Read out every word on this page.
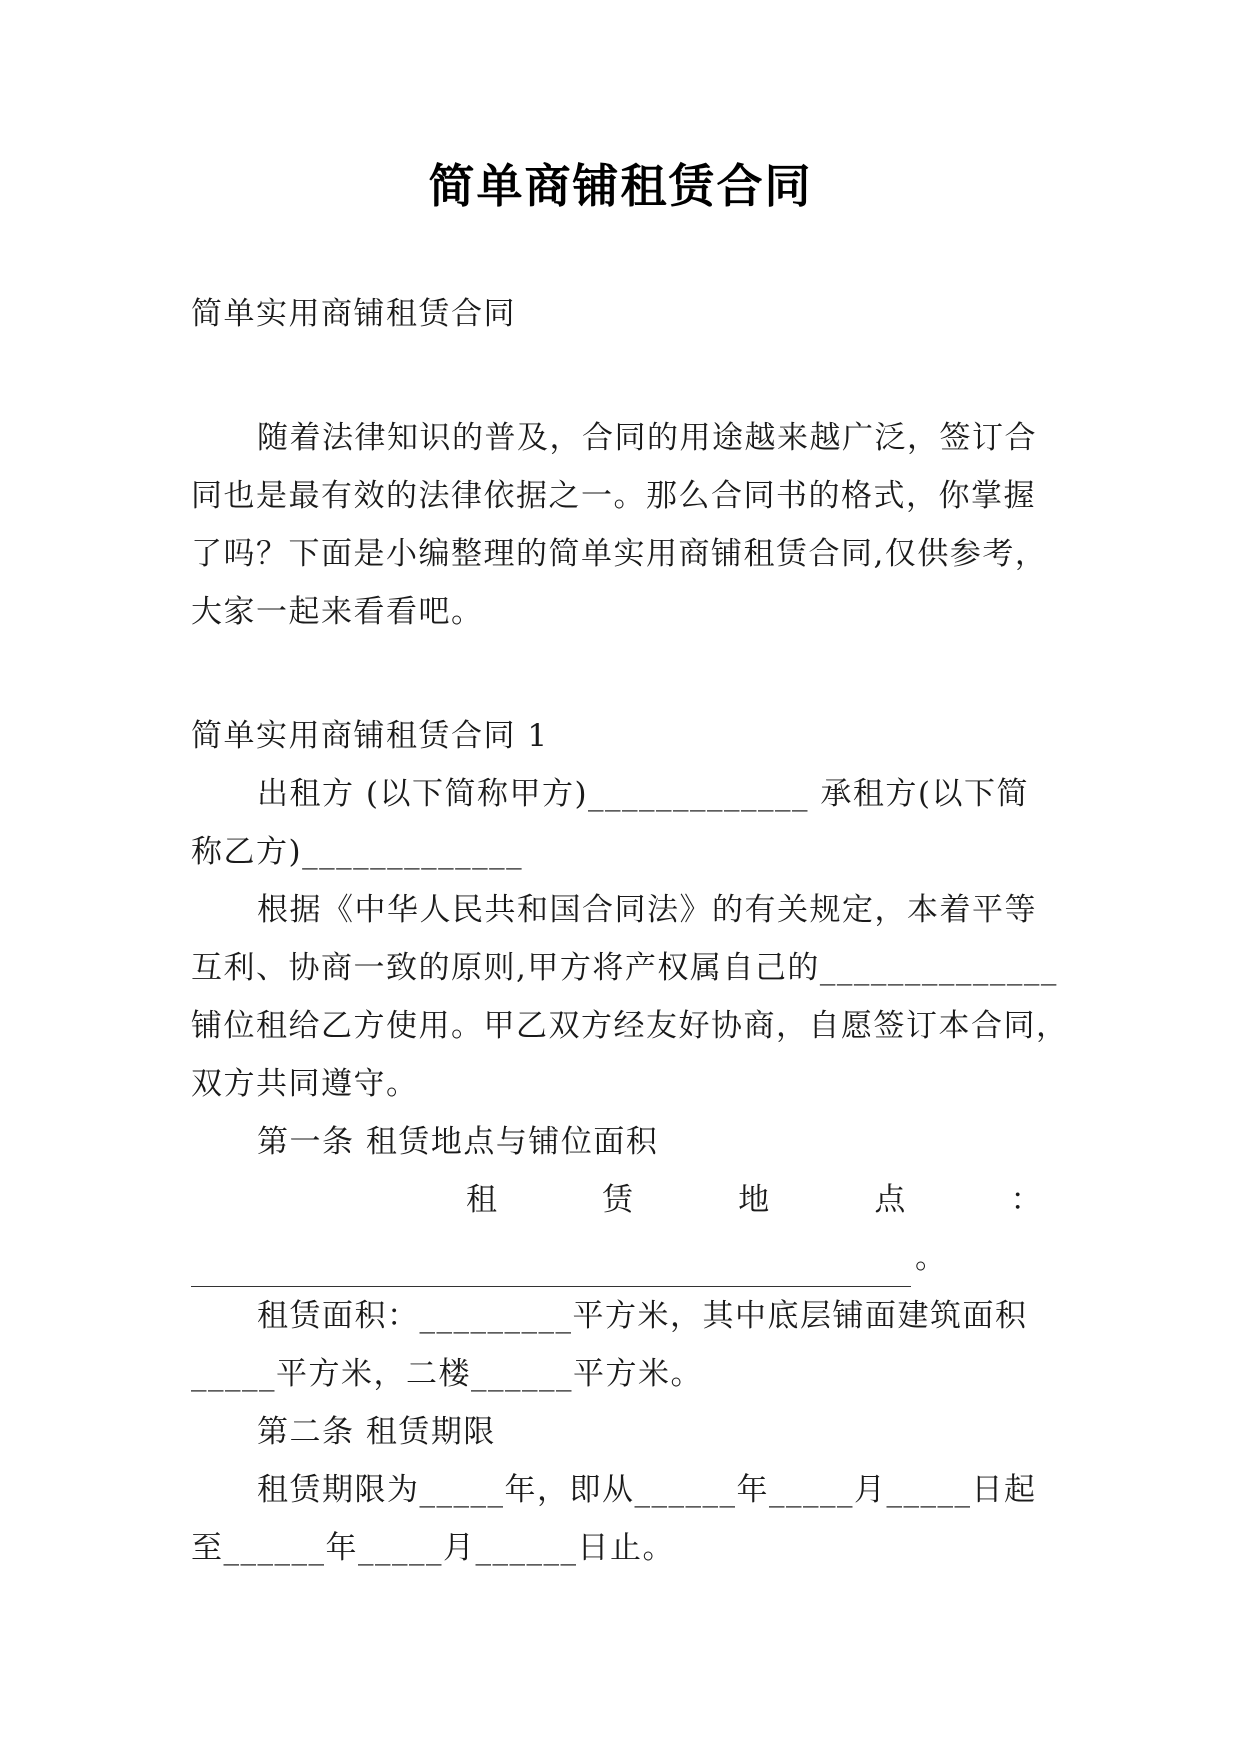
简单商铺租赁合同
简单实用商铺租赁合同
随着法律知识的普及，合同的用途越来越广泛，签订合
同也是最有效的法律依据之一。那么合同书的格式，你掌握
了吗？下面是小编整理的简单实用商铺租赁合同,仅供参考，
大家一起来看看吧。
简单实用商铺租赁合同 1
出租方 (以下简称甲方)_____________ 承租方(以下简
称乙方)_____________
根据《中华人民共和国合同法》的有关规定，本着平等
互利、协商一致的原则,甲方将产权属自己的______________
铺位租给乙方使用。甲乙双方经友好协商，自愿签订本合同，
双方共同遵守。
第一条 租赁地点与铺位面积
租	赁	地	点	：
。
租赁面积：_________平方米，其中底层铺面建筑面积
_____平方米，二楼______平方米。
第二条 租赁期限
租赁期限为_____年，即从______年_____月_____日起
至______年_____月______日止。
